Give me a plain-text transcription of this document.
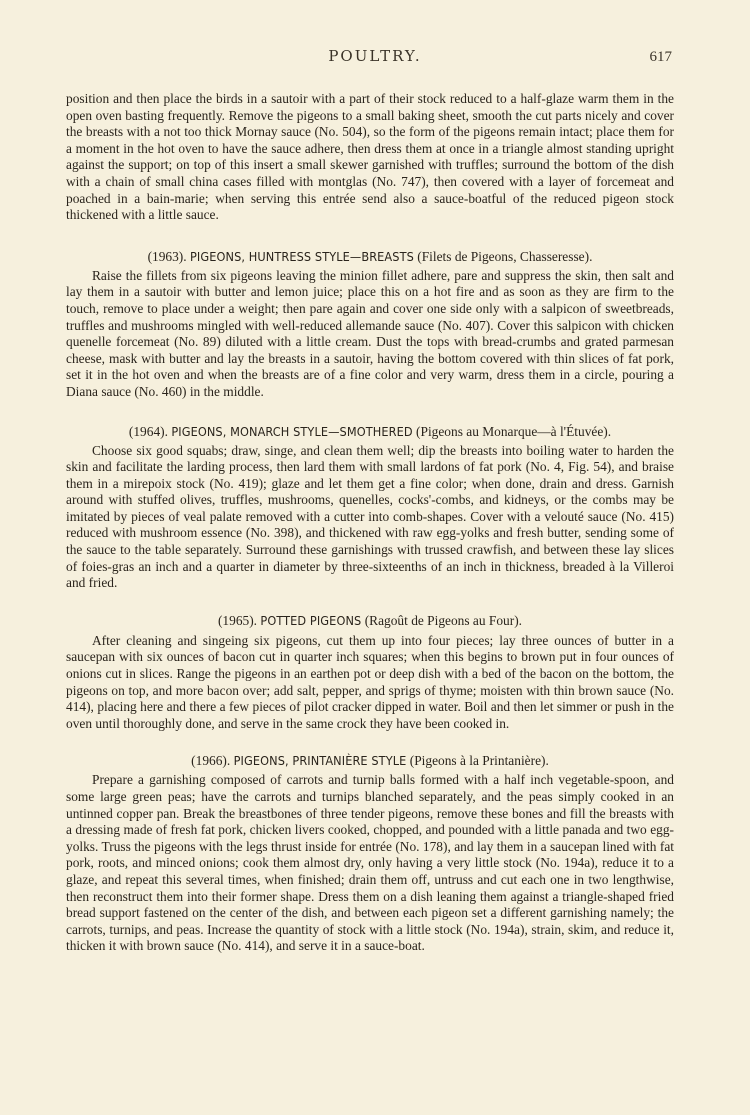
POULTRY.	617

position and then place the birds in a sautoir with a part of their stock reduced to a half-glaze warm them in the open oven basting frequently. Remove the pigeons to a small baking sheet, smooth the cut parts nicely and cover the breasts with a not too thick Mornay sauce (No. 504), so the form of the pigeons remain intact; place them for a moment in the hot oven to have the sauce adhere, then dress them at once in a triangle almost standing upright against the support; on top of this insert a small skewer garnished with truffles; surround the bottom of the dish with a chain of small china cases filled with montglas (No. 747), then covered with a layer of forcemeat and poached in a bain-marie; when serving this entrée send also a sauce-boatful of the reduced pigeon stock thickened with a little sauce.

(1963). PIGEONS, HUNTRESS STYLE—BREASTS (Filets de Pigeons, Chasseresse).

Raise the fillets from six pigeons leaving the minion fillet adhere, pare and suppress the skin, then salt and lay them in a sautoir with butter and lemon juice; place this on a hot fire and as soon as they are firm to the touch, remove to place under a weight; then pare again and cover one side only with a salpicon of sweetbreads, truffles and mushrooms mingled with well-reduced allemande sauce (No. 407). Cover this salpicon with chicken quenelle forcemeat (No. 89) diluted with a little cream. Dust the tops with bread-crumbs and grated parmesan cheese, mask with butter and lay the breasts in a sautoir, having the bottom covered with thin slices of fat pork, set it in the hot oven and when the breasts are of a fine color and very warm, dress them in a circle, pouring a Diana sauce (No. 460) in the middle.

(1964). PIGEONS, MONARCH STYLE—SMOTHERED (Pigeons au Monarque—à l'Étuvée).

Choose six good squabs; draw, singe, and clean them well; dip the breasts into boiling water to harden the skin and facilitate the larding process, then lard them with small lardons of fat pork (No. 4, Fig. 54), and braise them in a mirepoix stock (No. 419); glaze and let them get a fine color; when done, drain and dress. Garnish around with stuffed olives, truffles, mushrooms, quenelles, cocks'-combs, and kidneys, or the combs may be imitated by pieces of veal palate removed with a cutter into comb-shapes. Cover with a velouté sauce (No. 415) reduced with mushroom essence (No. 398), and thickened with raw egg-yolks and fresh butter, sending some of the sauce to the table separately. Surround these garnishings with trussed crawfish, and between these lay slices of foies-gras an inch and a quarter in diameter by three-sixteenths of an inch in thickness, breaded à la Villeroi and fried.

(1965). POTTED PIGEONS (Ragoût de Pigeons au Four).

After cleaning and singeing six pigeons, cut them up into four pieces; lay three ounces of butter in a saucepan with six ounces of bacon cut in quarter inch squares; when this begins to brown put in four ounces of onions cut in slices. Range the pigeons in an earthen pot or deep dish with a bed of the bacon on the bottom, the pigeons on top, and more bacon over; add salt, pepper, and sprigs of thyme; moisten with thin brown sauce (No. 414), placing here and there a few pieces of pilot cracker dipped in water. Boil and then let simmer or push in the oven until thoroughly done, and serve in the same crock they have been cooked in.

(1966). PIGEONS, PRINTANIÈRE STYLE (Pigeons à la Printanière).

Prepare a garnishing composed of carrots and turnip balls formed with a half inch vegetable-spoon, and some large green peas; have the carrots and turnips blanched separately, and the peas simply cooked in an untinned copper pan. Break the breastbones of three tender pigeons, remove these bones and fill the breasts with a dressing made of fresh fat pork, chicken livers cooked, chopped, and pounded with a little panada and two egg-yolks. Truss the pigeons with the legs thrust inside for entrée (No. 178), and lay them in a saucepan lined with fat pork, roots, and minced onions; cook them almost dry, only having a very little stock (No. 194a), reduce it to a glaze, and repeat this several times, when finished; drain them off, untruss and cut each one in two lengthwise, then reconstruct them into their former shape. Dress them on a dish leaning them against a triangle-shaped fried bread support fastened on the center of the dish, and between each pigeon set a different garnishing namely; the carrots, turnips, and peas. Increase the quantity of stock with a little stock (No. 194a), strain, skim, and reduce it, thicken it with brown sauce (No. 414), and serve it in a sauce-boat.
